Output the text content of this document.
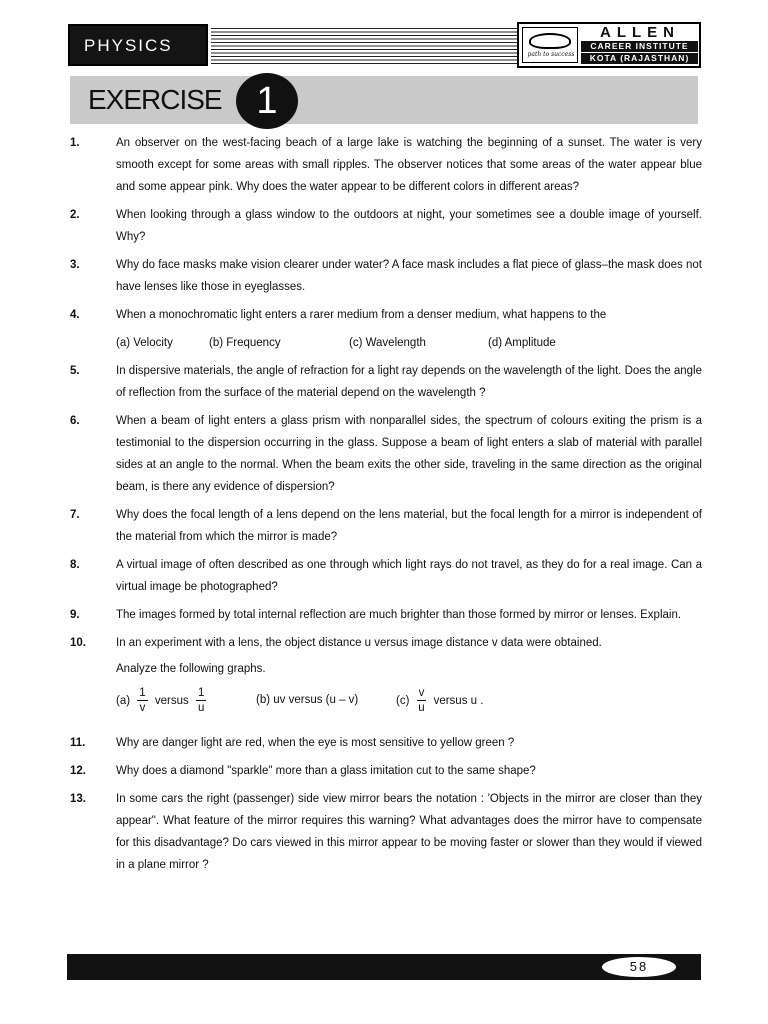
PHYSICS	path to success
ALLEN
CAREER INSTITUTE
KOTA (RAJASTHAN)
EXERCISE 1
1.	An observer on the west-facing beach of a large lake is watching the beginning of a sunset. The water is very smooth except for some areas with small ripples. The observer notices that some areas of the water appear blue and some appear pink. Why does the water appear to be different colors in different areas?
2.	When looking through a glass window to the outdoors at night, your sometimes see a double image of yourself. Why?
3.	Why do face masks make vision clearer under water? A face mask includes a flat piece of glass–the mask does not have lenses like those in eyeglasses.
4.	When a monochromatic light enters a rarer medium from a denser medium, what happens to the
(a) Velocity	(b) Frequency	(c) Wavelength	(d) Amplitude
5.	In dispersive materials, the angle of refraction for a light ray depends on the wavelength of the light. Does the angle of reflection from the surface of the material depend on the wavelength ?
6.	When a beam of light enters a glass prism with nonparallel sides, the spectrum of colours exiting the prism is a testimonial to the dispersion occurring in the glass. Suppose a beam of light enters a slab of material with parallel sides at an angle to the normal. When the beam exits the other side, traveling in the same direction as the original beam, is there any evidence of dispersion?
7.	Why does the focal length of a lens depend on the lens material, but the focal length for a mirror is independent of the material from which the mirror is made?
8.	A virtual image of often described as one through which light rays do not travel, as they do for a real image. Can a virtual image be photographed?
9.	The images formed by total internal reflection are much brighter than those formed by mirror or lenses. Explain.
10.	In an experiment with a lens, the object distance u versus image distance v data were obtained.
Analyze the following graphs.
$(a) \frac{1}{v}$ versus $\frac{1}{u}$	(b) uv versus (u – v)	$(c) \frac{v}{u}$ versus u .
11.	Why are danger light are red, when the eye is most sensitive to yellow green ?
12.	Why does a diamond "sparkle" more than a glass imitation cut to the same shape?
13.	In some cars the right (passenger) side view mirror bears the notation : 'Objects in the mirror are closer than they appear". What feature of the mirror requires this warning? What advantages does the mirror have to compensate for this disadvantage? Do cars viewed in this mirror appear to be moving faster or slower than they would if viewed in a plane mirror ?
58
